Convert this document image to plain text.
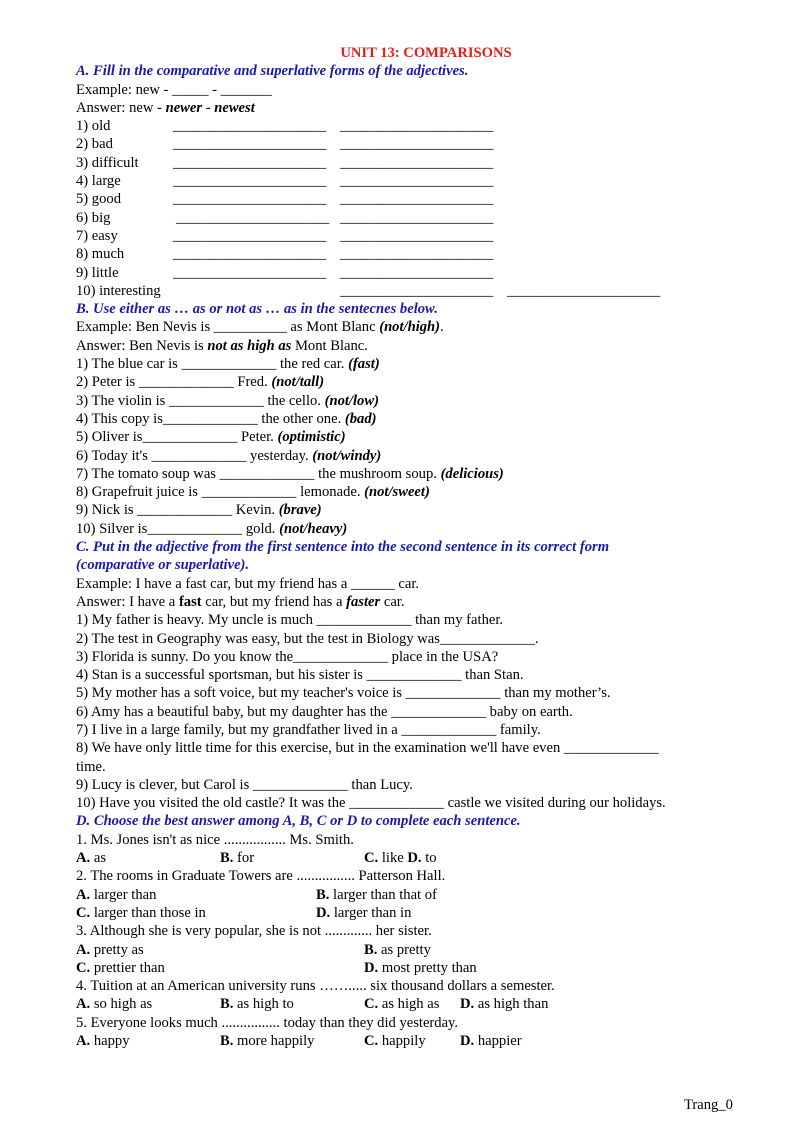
UNIT 13: COMPARISONS
A. Fill in the comparative and superlative forms of the adjectives.
Example: new - _____ - _______
Answer: new - newer - newest
1) old	_____________________ _____________________
2) bad	_____________________ _____________________
3) difficult _____________________ _____________________
4) large	_____________________ _____________________
5) good	_____________________ _____________________
6) big	_____________________ _____________________
7) easy	_____________________ _____________________
8) much	_____________________ _____________________
9) little	_____________________ _____________________
10) interesting	_____________________ _____________________
B. Use either as … as or not as … as in the sentecnes below.
Example: Ben Nevis is __________ as Mont Blanc (not/high).
Answer: Ben Nevis is not as high as Mont Blanc.
1) The blue car is _____________ the red car. (fast)
2) Peter is _____________ Fred. (not/tall)
3) The violin is _____________ the cello. (not/low)
4) This copy is_____________ the other one. (bad)
5) Oliver is_____________ Peter. (optimistic)
6) Today it's _____________ yesterday. (not/windy)
7) The tomato soup was _____________ the mushroom soup. (delicious)
8) Grapefruit juice is _____________ lemonade. (not/sweet)
9) Nick is _____________ Kevin. (brave)
10) Silver is_____________ gold. (not/heavy)
C. Put in the adjective from the first sentence into the second sentence in its correct form
(comparative or superlative).
Example: I have a fast car, but my friend has a ______ car.
Answer: I have a fast car, but my friend has a faster car.
1) My father is heavy. My uncle is much _____________ than my father.
2) The test in Geography was easy, but the test in Biology was_____________.
3) Florida is sunny. Do you know the_____________ place in the USA?
4) Stan is a successful sportsman, but his sister is _____________ than Stan.
5) My mother has a soft voice, but my teacher's voice is _____________ than my mother’s.
6) Amy has a beautiful baby, but my daughter has the _____________ baby on earth.
7) I live in a large family, but my grandfather lived in a _____________ family.
8) We have only little time for this exercise, but in the examination we'll have even _____________
time.
9) Lucy is clever, but Carol is _____________ than Lucy.
10) Have you visited the old castle? It was the _____________ castle we visited during our holidays.
D. Choose the best answer among A, B, C or D to complete each sentence.
1. Ms. Jones isn't as nice ................. Ms. Smith.
A. as	B. for	C. like D. to
2. The rooms in Graduate Towers are ................ Patterson Hall.
A. larger than	B. larger than that of
C. larger than those in	D. larger than in
3. Although she is very popular, she is not ............. her sister.
A. pretty as	B. as pretty
C. prettier than	D. most pretty than
4. Tuition at an American university runs ……..... six thousand dollars a semester.
A. so high as	B. as high to	C. as high as D. as high than
5. Everyone looks much ................ today than they did yesterday.
A. happy	B. more happily	C. happily D. happier
Trang_0
